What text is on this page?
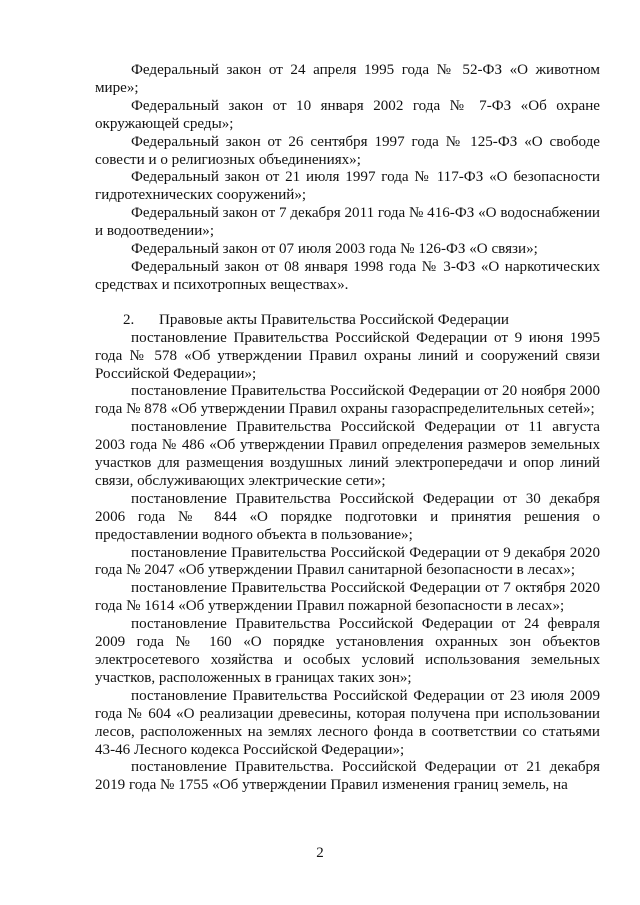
Федеральный закон от 24 апреля 1995 года № 52-ФЗ «О животном мире»;

Федеральный закон от 10 января 2002 года № 7-ФЗ «Об охране окружающей среды»;

Федеральный закон от 26 сентября 1997 года № 125-ФЗ «О свободе совести и о религиозных объединениях»;

Федеральный закон от 21 июля 1997 года № 117-ФЗ «О безопасности гидротехнических сооружений»;

Федеральный закон от 7 декабря 2011 года № 416-ФЗ «О водоснабжении и водоотведении»;

Федеральный закон от 07 июля 2003 года № 126-ФЗ «О связи»;

Федеральный закон от 08 января 1998 года № 3-ФЗ «О наркотических средствах и психотропных веществах».

2. Правовые акты Правительства Российской Федерации

постановление Правительства Российской Федерации от 9 июня 1995 года № 578 «Об утверждении Правил охраны линий и сооружений связи Российской Федерации»;

постановление Правительства Российской Федерации от 20 ноября 2000 года № 878 «Об утверждении Правил охраны газораспределительных сетей»;

постановление Правительства Российской Федерации от 11 августа 2003 года № 486 «Об утверждении Правил определения размеров земельных участков для размещения воздушных линий электропередачи и опор линий связи, обслуживающих электрические сети»;

постановление Правительства Российской Федерации от 30 декабря 2006 года № 844 «О порядке подготовки и принятия решения о предоставлении водного объекта в пользование»;

постановление Правительства Российской Федерации от 9 декабря 2020 года № 2047 «Об утверждении Правил санитарной безопасности в лесах»;

постановление Правительства Российской Федерации от 7 октября 2020 года № 1614 «Об утверждении Правил пожарной безопасности в лесах»;

постановление Правительства Российской Федерации от 24 февраля 2009 года № 160 «О порядке установления охранных зон объектов электросетевого хозяйства и особых условий использования земельных участков, расположенных в границах таких зон»;

постановление Правительства Российской Федерации от 23 июля 2009 года № 604 «О реализации древесины, которая получена при использовании лесов, расположенных на землях лесного фонда в соответствии со статьями 43-46 Лесного кодекса Российской Федерации»;

постановление Правительства. Российской Федерации от 21 декабря 2019 года № 1755 «Об утверждении Правил изменения границ земель, на

2
